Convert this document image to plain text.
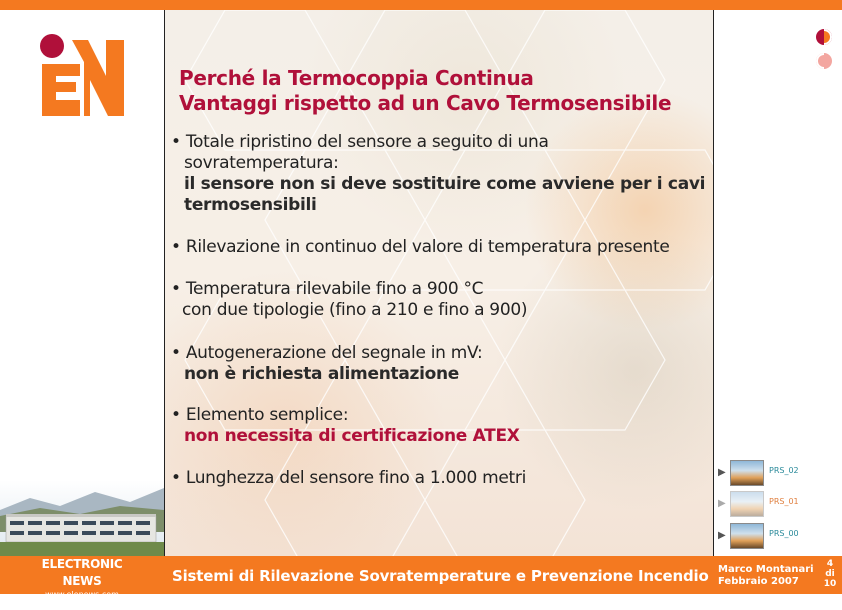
Perché la Termocoppia Continua
Vantaggi rispetto ad un Cavo Termosensibile
• Totale ripristino del sensore a seguito di una
sovratemperatura:
il sensore non si deve sostituire come avviene per i cavi
termosensibili
• Rilevazione in continuo del valore di temperatura presente
• Temperatura rilevabile fino a 900 °C
con due tipologie (fino a 210 e fino a 900)
• Autogenerazione del segnale in mV:
non è richiesta alimentazione
• Elemento semplice:
non necessita di certificazione ATEX
• Lunghezza del sensore fino a 1.000 metri	▶	PRS_02
▶	PRS_01
▶	PRS_00
ELECTRONIC NEWS
www.elenews.com
e-mail: info@elenews.it
Sistemi di Rilevazione Sovratemperature e Prevenzione Incendio Marco Montanari
Febbraio 2007
4
di
10
